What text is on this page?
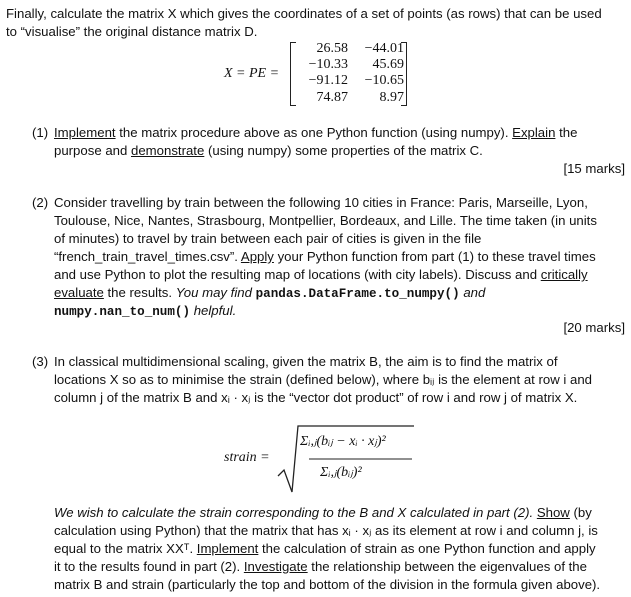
Finally, calculate the matrix X which gives the coordinates of a set of points (as rows) that can be used
to “visualise” the original distance matrix D.
X = PE =
26.58	−44.01
−10.33	45.69
−91.12	−10.65
74.87	8.97
(1) Implement the matrix procedure above as one Python function (using numpy). Explain the
purpose and demonstrate (using numpy) some properties of the matrix C.
[15 marks]
(2) Consider travelling by train between the following 10 cities in France: Paris, Marseille, Lyon,
Toulouse, Nice, Nantes, Strasbourg, Montpellier, Bordeaux, and Lille. The time taken (in units
of minutes) to travel by train between each pair of cities is given in the file
“french_train_travel_times.csv”. Apply your Python function from part (1) to these travel times
and use Python to plot the resulting map of locations (with city labels). Discuss and critically
evaluate the results. You may find pandas.DataFrame.to_numpy() and
numpy.nan_to_num() helpful.
[20 marks]
(3) In classical multidimensional scaling, given the matrix B, the aim is to find the matrix of
locations X so as to minimise the strain (defined below), where bᵢⱼ is the element at row i and
column j of the matrix B and xᵢ · xⱼ is the “vector dot product” of row i and row j of matrix X.
strain =
Σᵢ,ⱼ(bᵢⱼ − xᵢ · xⱼ)²
Σᵢ,ⱼ(bᵢⱼ)²
We wish to calculate the strain corresponding to the B and X calculated in part (2). Show (by
calculation using Python) that the matrix that has xᵢ · xⱼ as its element at row i and column j, is
equal to the matrix XXᵀ. Implement the calculation of strain as one Python function and apply
it to the results found in part (2). Investigate the relationship between the eigenvalues of the
matrix B and strain (particularly the top and bottom of the division in the formula given above).
